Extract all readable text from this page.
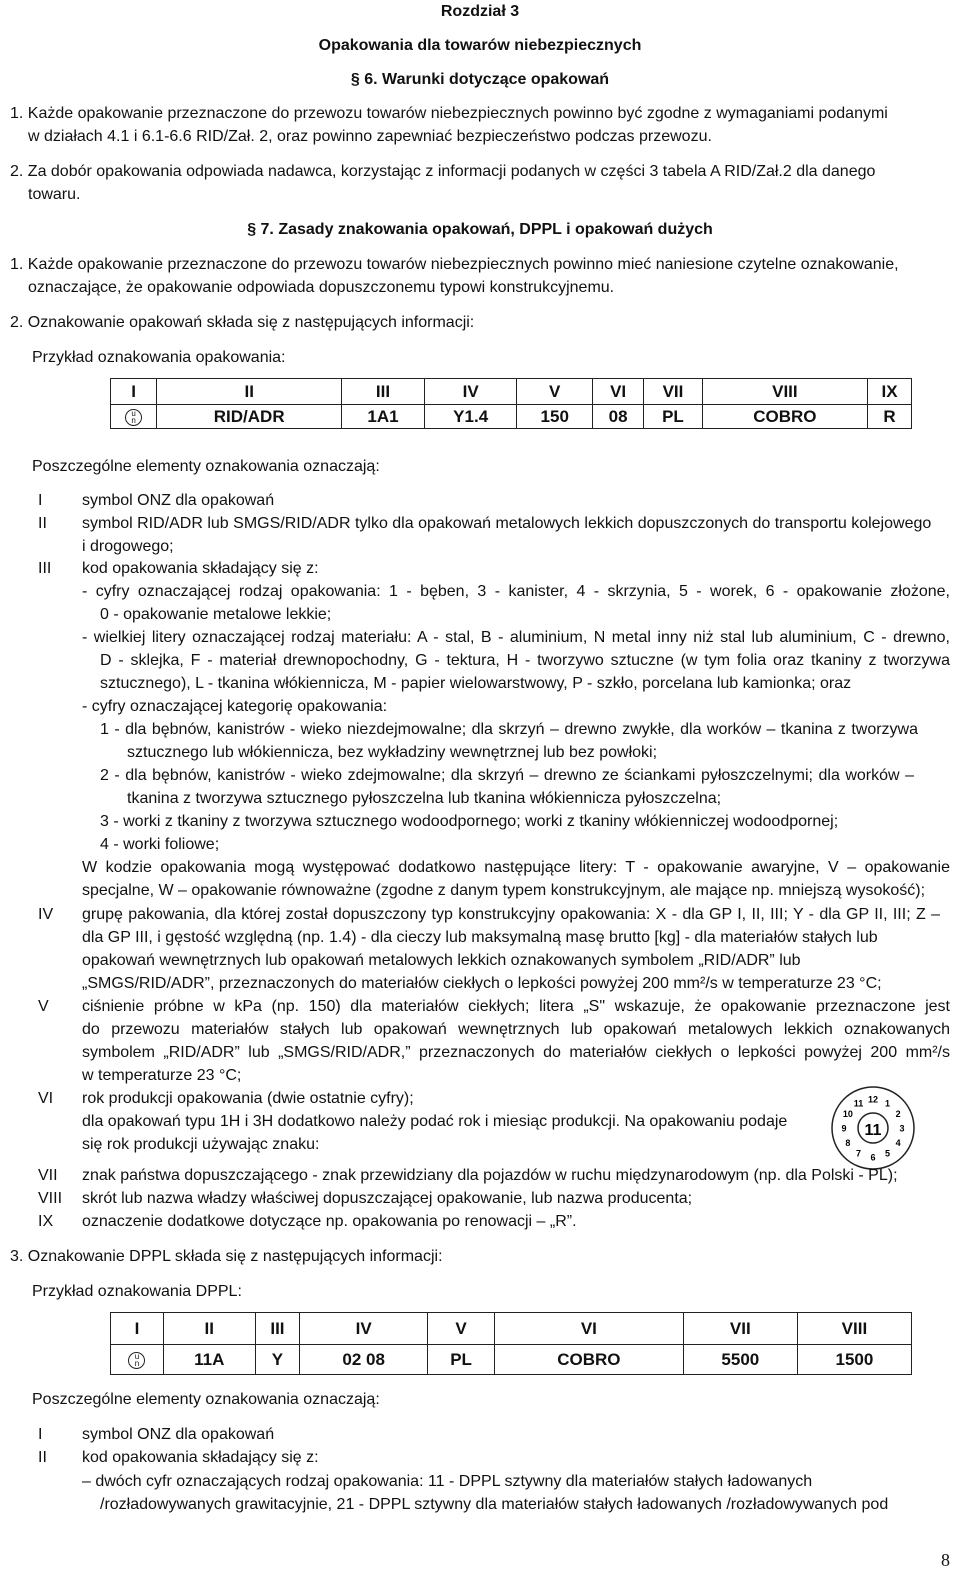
Rozdział 3
Opakowania dla towarów niebezpiecznych
§ 6. Warunki dotyczące opakowań
1. Każde opakowanie przeznaczone do przewozu towarów niebezpiecznych powinno być zgodne z wymaganiami podanymi
w działach 4.1 i 6.1-6.6 RID/Zał. 2, oraz powinno zapewniać bezpieczeństwo podczas przewozu.
2. Za dobór opakowania odpowiada nadawca, korzystając z informacji podanych w części 3 tabela A RID/Zał.2 dla danego
towaru.
§ 7. Zasady znakowania opakowań, DPPL i opakowań dużych
1. Każde opakowanie przeznaczone do przewozu towarów niebezpiecznych powinno mieć naniesione czytelne oznakowanie,
oznaczające, że opakowanie odpowiada dopuszczonemu typowi konstrukcyjnemu.
2. Oznakowanie opakowań składa się z następujących informacji:
Przykład oznakowania opakowania:
I	II	III	IV	V	VI	VII	VIII	IX
u
n	RID/ADR	1A1	Y1.4	150	08	PL	COBRO	R
Poszczególne elementy oznakowania oznaczają:
I	symbol ONZ dla opakowań
II	symbol RID/ADR lub SMGS/RID/ADR tylko dla opakowań metalowych lekkich dopuszczonych do transportu kolejowego
i drogowego;
III	kod opakowania składający się z:
- cyfry oznaczającej rodzaj opakowania: 1 - bęben, 3 - kanister, 4 - skrzynia, 5 - worek, 6 - opakowanie złożone,
0 - opakowanie metalowe lekkie;
- wielkiej litery oznaczającej rodzaj materiału: A - stal, B - aluminium, N metal inny niż stal lub aluminium, C - drewno,
D - sklejka, F - materiał drewnopochodny, G - tektura, H - tworzywo sztuczne (w tym folia oraz tkaniny z tworzywa
sztucznego), L - tkanina włókiennicza, M - papier wielowarstwowy, P - szkło, porcelana lub kamionka; oraz
- cyfry oznaczającej kategorię opakowania:
1 - dla bębnów, kanistrów - wieko niezdejmowalne; dla skrzyń – drewno zwykłe, dla worków – tkanina z tworzywa
sztucznego lub włókiennicza, bez wykładziny wewnętrznej lub bez powłoki;
2 - dla bębnów, kanistrów - wieko zdejmowalne; dla skrzyń – drewno ze ściankami pyłoszczelnymi; dla worków –
tkanina z tworzywa sztucznego pyłoszczelna lub tkanina włókiennicza pyłoszczelna;
3 - worki z tkaniny z tworzywa sztucznego wodoodpornego; worki z tkaniny włókienniczej wodoodpornej;
4 - worki foliowe;
W kodzie opakowania mogą występować dodatkowo następujące litery: T - opakowanie awaryjne, V – opakowanie
specjalne, W – opakowanie równoważne (zgodne z danym typem konstrukcyjnym, ale mające np. mniejszą wysokość);
IV	grupę pakowania, dla której został dopuszczony typ konstrukcyjny opakowania: X - dla GP I, II, III; Y - dla GP II, III; Z –
dla GP III, i gęstość względną (np. 1.4) - dla cieczy lub maksymalną masę brutto [kg] - dla materiałów stałych lub
opakowań wewnętrznych lub opakowań metalowych lekkich oznakowanych symbolem „RID/ADR” lub
„SMGS/RID/ADR”, przeznaczonych do materiałów ciekłych o lepkości powyżej 200 mm²/s w temperaturze 23 °C;
V	ciśnienie próbne w kPa (np. 150) dla materiałów ciekłych; litera „S" wskazuje, że opakowanie przeznaczone jest
do przewozu materiałów stałych lub opakowań wewnętrznych lub opakowań metalowych lekkich oznakowanych
symbolem „RID/ADR” lub „SMGS/RID/ADR,” przeznaczonych do materiałów ciekłych o lepkości powyżej 200 mm²/s
w temperaturze 23 °C;
VI	rok produkcji opakowania (dwie ostatnie cyfry);
dla opakowań typu 1H i 3H dodatkowo należy podać rok i miesiąc produkcji. Na opakowaniu podaje
się rok produkcji używając znaku:
12 1
2
3
4
5
6
7
8
9
10
11
11
VII	znak państwa dopuszczającego - znak przewidziany dla pojazdów w ruchu międzynarodowym (np. dla Polski - PL);
VIII	skrót lub nazwa władzy właściwej dopuszczającej opakowanie, lub nazwa producenta;
IX	oznaczenie dodatkowe dotyczące np. opakowania po renowacji – „R”.
3. Oznakowanie DPPL składa się z następujących informacji:
Przykład oznakowania DPPL:
I	II	III	IV	V	VI	VII	VIII
u
n	11A	Y	02 08	PL	COBRO	5500	1500
Poszczególne elementy oznakowania oznaczają:
I	symbol ONZ dla opakowań
II	kod opakowania składający się z:
– dwóch cyfr oznaczających rodzaj opakowania: 11 - DPPL sztywny dla materiałów stałych ładowanych
/rozładowywanych grawitacyjnie, 21 - DPPL sztywny dla materiałów stałych ładowanych /rozładowywanych pod
8
